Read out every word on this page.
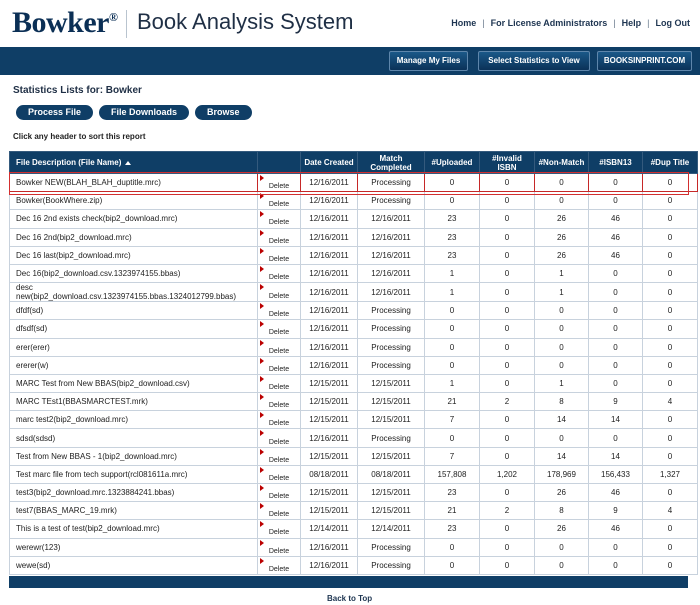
Bowker® Book Analysis System	Home | For License Administrators | Help | Log Out
Manage My Files	Select Statistics to View	BOOKSINPRINT.COM
Statistics Lists for: Bowker
Process File	File Downloads	Browse
Click any header to sort this report
File Description (File Name)		Date Created	Match Completed	#Uploaded	#Invalid ISBN	#Non-Match	#ISBN13	#Dup Title
Bowker NEW(BLAH_BLAH_duptitle.mrc)	Delete	12/16/2011	Processing	0	0	0	0	0
Bowker(BookWhere.zip)	Delete	12/16/2011	Processing	0	0	0	0	0
Dec 16 2nd exists check(bip2_download.mrc)	Delete	12/16/2011	12/16/2011	23	0	26	46	0
Dec 16 2nd(bip2_download.mrc)	Delete	12/16/2011	12/16/2011	23	0	26	46	0
Dec 16 last(bip2_download.mrc)	Delete	12/16/2011	12/16/2011	23	0	26	46	0
Dec 16(bip2_download.csv.1323974155.bbas)	Delete	12/16/2011	12/16/2011	1	0	1	0	0
desc new(bip2_download.csv.1323974155.bbas.1324012799.bbas)	Delete	12/16/2011	12/16/2011	1	0	1	0	0
dfdf(sd)	Delete	12/16/2011	Processing	0	0	0	0	0
dfsdf(sd)	Delete	12/16/2011	Processing	0	0	0	0	0
erer(erer)	Delete	12/16/2011	Processing	0	0	0	0	0
ererer(w)	Delete	12/16/2011	Processing	0	0	0	0	0
MARC Test from New BBAS(bip2_download.csv)	Delete	12/15/2011	12/15/2011	1	0	1	0	0
MARC TEst1(BBASMARCTEST.mrk)	Delete	12/15/2011	12/15/2011	21	2	8	9	4
marc test2(bip2_download.mrc)	Delete	12/15/2011	12/15/2011	7	0	14	14	0
sdsd(sdsd)	Delete	12/16/2011	Processing	0	0	0	0	0
Test from New BBAS - 1(bip2_download.mrc)	Delete	12/15/2011	12/15/2011	7	0	14	14	0
Test marc file from tech support(rcl081611a.mrc)	Delete	08/18/2011	08/18/2011	157,808	1,202	178,969	156,433	1,327
test3(bip2_download.mrc.1323884241.bbas)	Delete	12/15/2011	12/15/2011	23	0	26	46	0
test7(BBAS_MARC_19.mrk)	Delete	12/15/2011	12/15/2011	21	2	8	9	4
This is a test of test(bip2_download.mrc)	Delete	12/14/2011	12/14/2011	23	0	26	46	0
werewr(123)	Delete	12/16/2011	Processing	0	0	0	0	0
wewe(sd)	Delete	12/16/2011	Processing	0	0	0	0	0
Back to Top
